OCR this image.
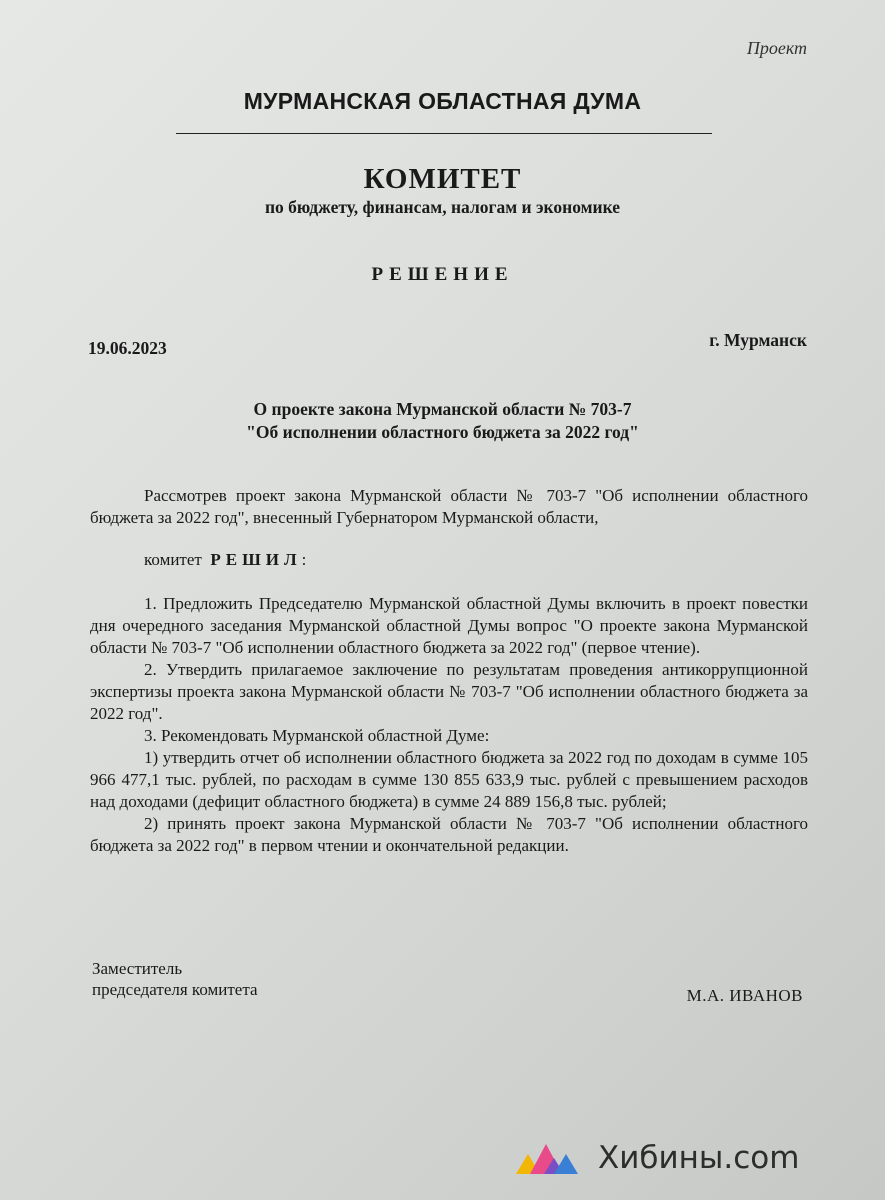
Проект
МУРМАНСКАЯ ОБЛАСТНАЯ ДУМА
КОМИТЕТ
по бюджету, финансам, налогам и экономике
РЕШЕНИЕ
19.06.2023	г. Мурманск
О проекте закона Мурманской области № 703-7
"Об исполнении областного бюджета за 2022 год"

Рассмотрев проект закона Мурманской области № 703-7 "Об исполнении областного бюджета за 2022 год", внесенный Губернатором Мурманской области,

комитет РЕШИЛ:

1. Предложить Председателю Мурманской областной Думы включить в проект повестки дня очередного заседания Мурманской областной Думы вопрос "О проекте закона Мурманской области № 703-7 "Об исполнении областного бюджета за 2022 год" (первое чтение).

2. Утвердить прилагаемое заключение по результатам проведения антикоррупционной экспертизы проекта закона Мурманской области № 703-7 "Об исполнении областного бюджета за 2022 год".

3. Рекомендовать Мурманской областной Думе:

1) утвердить отчет об исполнении областного бюджета за 2022 год по доходам в сумме 105 966 477,1 тыс. рублей, по расходам в сумме 130 855 633,9 тыс. рублей с превышением расходов над доходами (дефицит областного бюджета) в сумме 24 889 156,8 тыс. рублей;

2) принять проект закона Мурманской области № 703-7 "Об исполнении областного бюджета за 2022 год" в первом чтении и окончательной редакции.

Заместитель
председателя комитета	М.А. ИВАНОВ
Хибины.com
